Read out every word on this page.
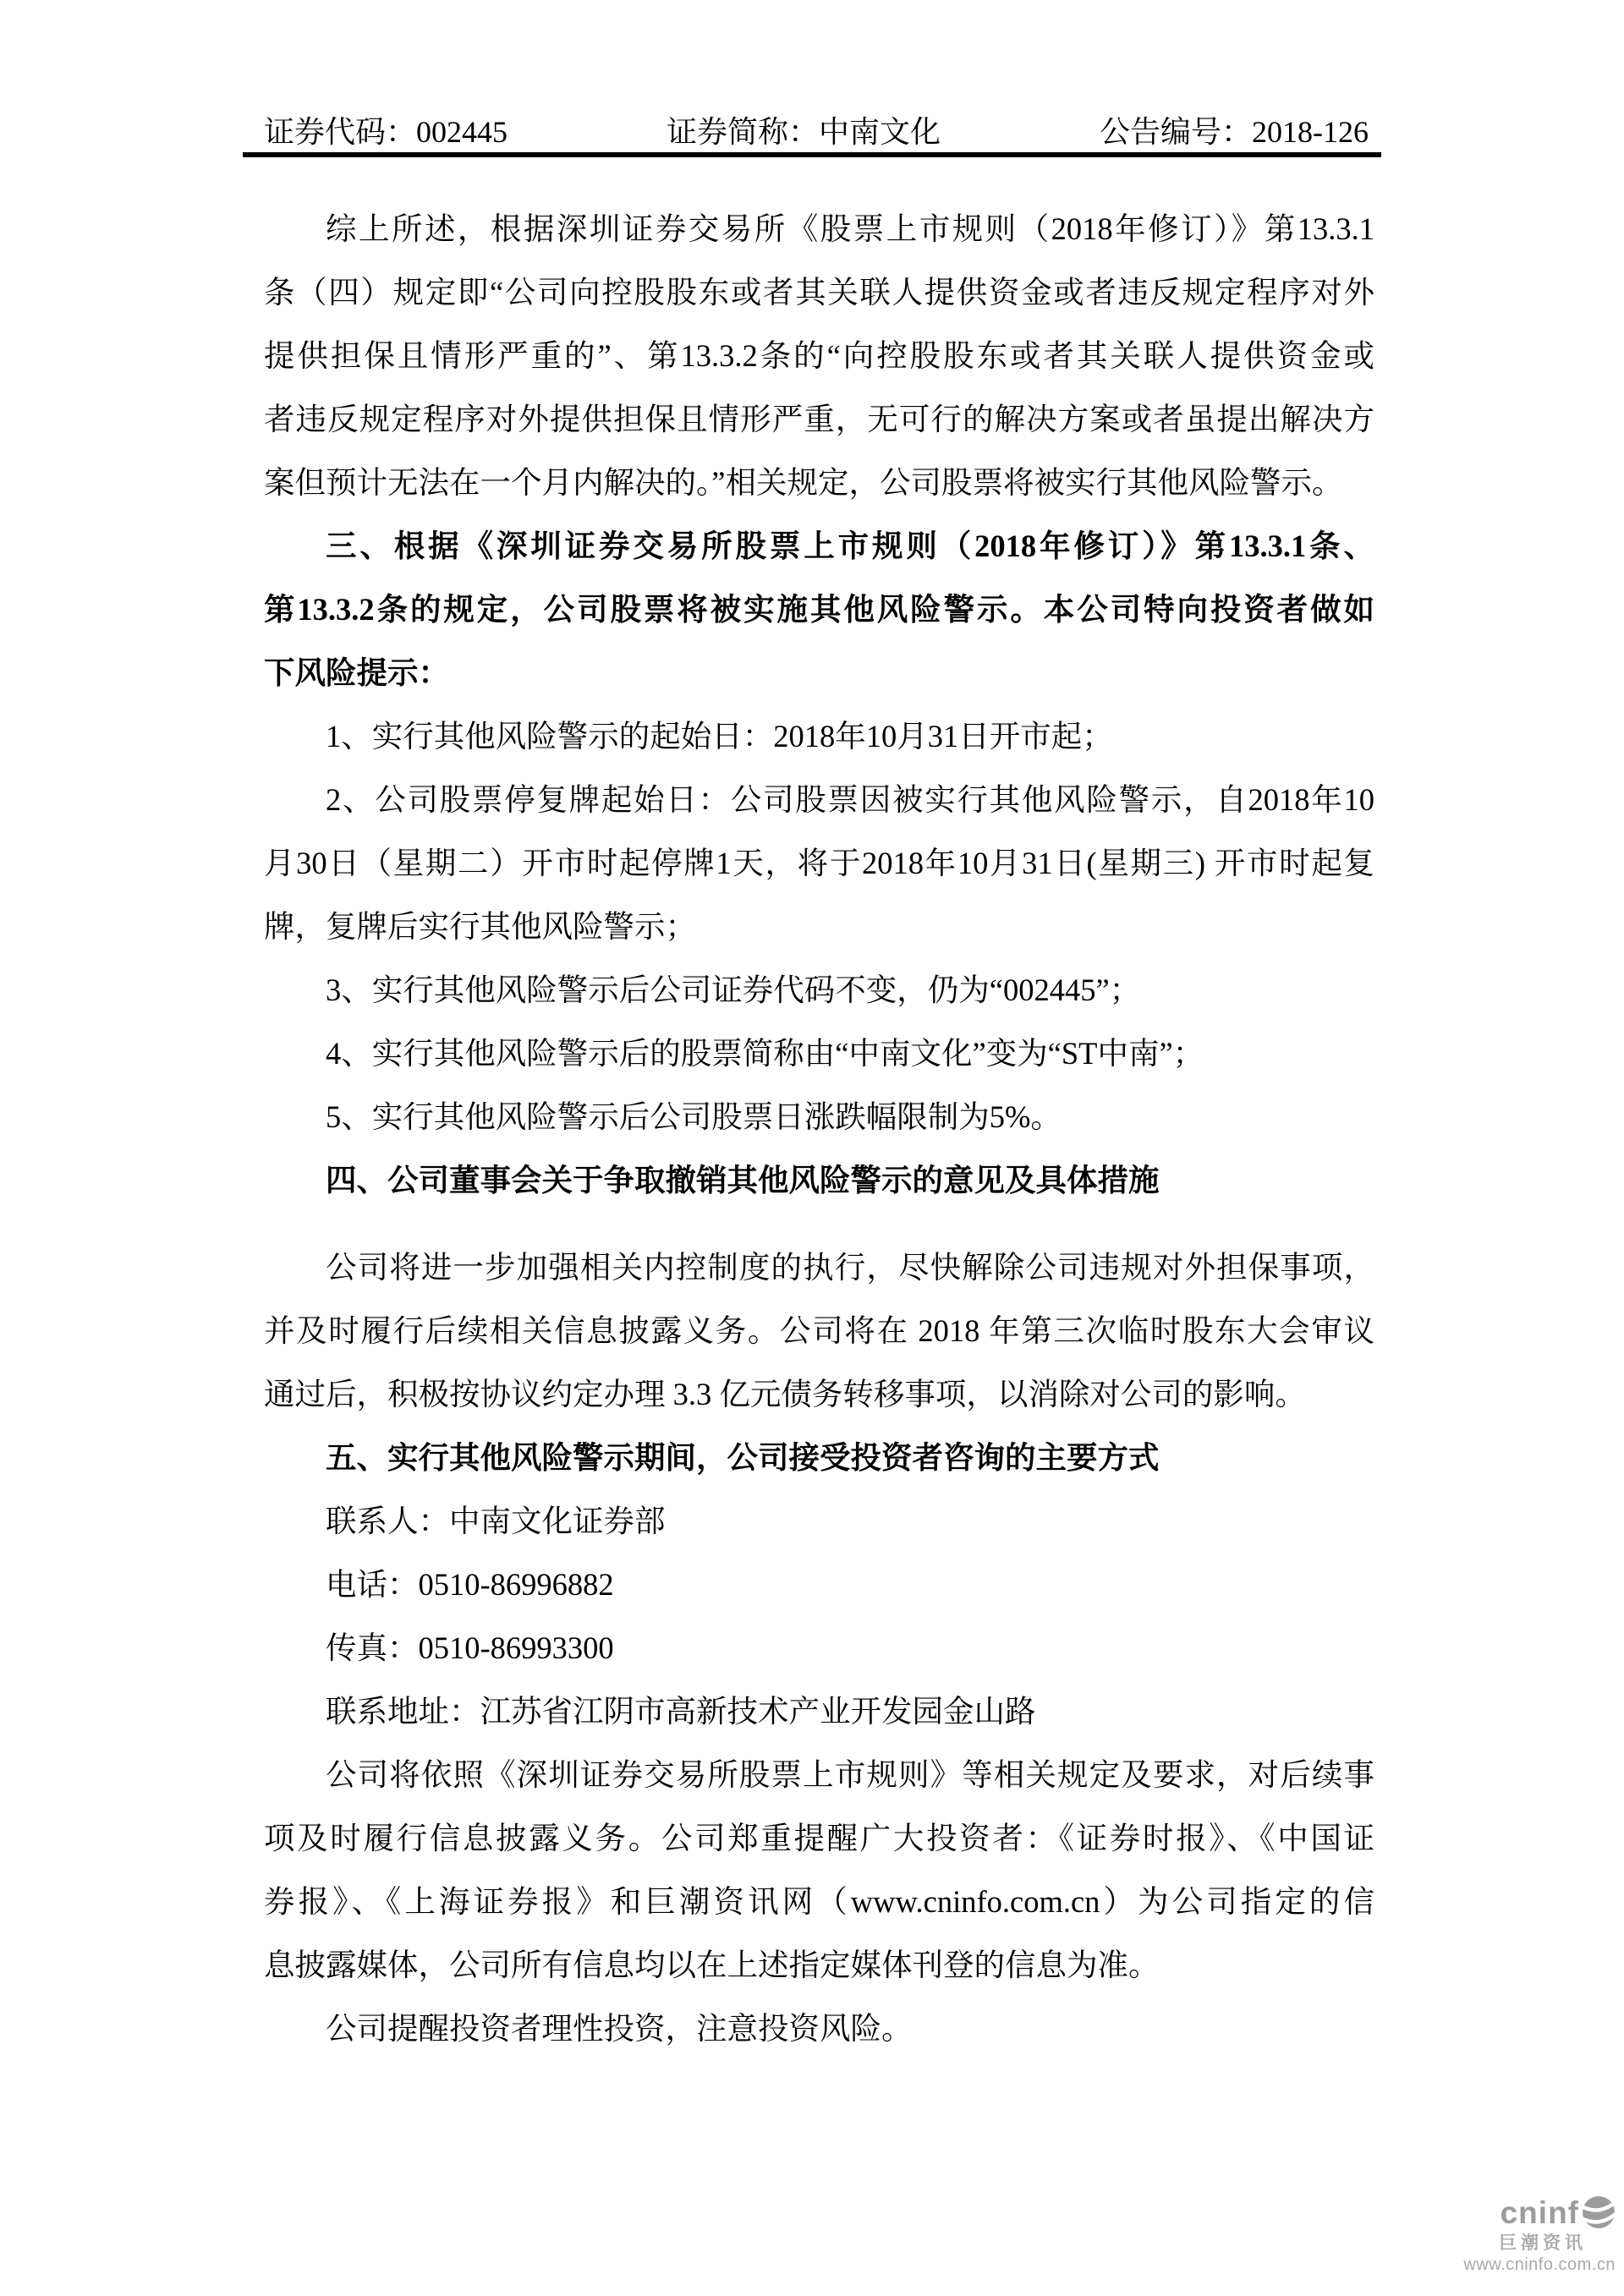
证券代码：002445	证券简称：中南文化	公告编号：2018-126
综上所述，根据深圳证券交易所《股票上市规则（2018年修订）》第13.3.1
条（四）规定即“公司向控股股东或者其关联人提供资金或者违反规定程序对外
提供担保且情形严重的”、第13.3.2条的“向控股股东或者其关联人提供资金或
者违反规定程序对外提供担保且情形严重，无可行的解决方案或者虽提出解决方
案但预计无法在一个月内解决的。”相关规定，公司股票将被实行其他风险警示。
三、根据《深圳证券交易所股票上市规则（2018年修订）》第13.3.1条、
第13.3.2条的规定，公司股票将被实施其他风险警示。本公司特向投资者做如
下风险提示：
1、实行其他风险警示的起始日：2018年10月31日开市起；
2、公司股票停复牌起始日：公司股票因被实行其他风险警示，自2018年10
月30日（星期二）开市时起停牌1天，将于2018年10月31日(星期三) 开市时起复
牌，复牌后实行其他风险警示；
3、实行其他风险警示后公司证券代码不变，仍为“002445”；
4、实行其他风险警示后的股票简称由“中南文化”变为“ST中南”；
5、实行其他风险警示后公司股票日涨跌幅限制为5%。
四、公司董事会关于争取撤销其他风险警示的意见及具体措施
公司将进一步加强相关内控制度的执行，尽快解除公司违规对外担保事项，
并及时履行后续相关信息披露义务。公司将在 2018 年第三次临时股东大会审议
通过后，积极按协议约定办理 3.3 亿元债务转移事项，以消除对公司的影响。
五、实行其他风险警示期间，公司接受投资者咨询的主要方式
联系人：中南文化证券部
电话：0510-86996882
传真：0510-86993300
联系地址：江苏省江阴市高新技术产业开发园金山路
公司将依照《深圳证券交易所股票上市规则》等相关规定及要求，对后续事
项及时履行信息披露义务。公司郑重提醒广大投资者：《证券时报》、《中国证
券报》、《上海证券报》和巨潮资讯网（www.cninfo.com.cn）为公司指定的信
息披露媒体，公司所有信息均以在上述指定媒体刊登的信息为准。
公司提醒投资者理性投资，注意投资风险。
cninf
巨潮资讯
www.cninfo.com.cn
